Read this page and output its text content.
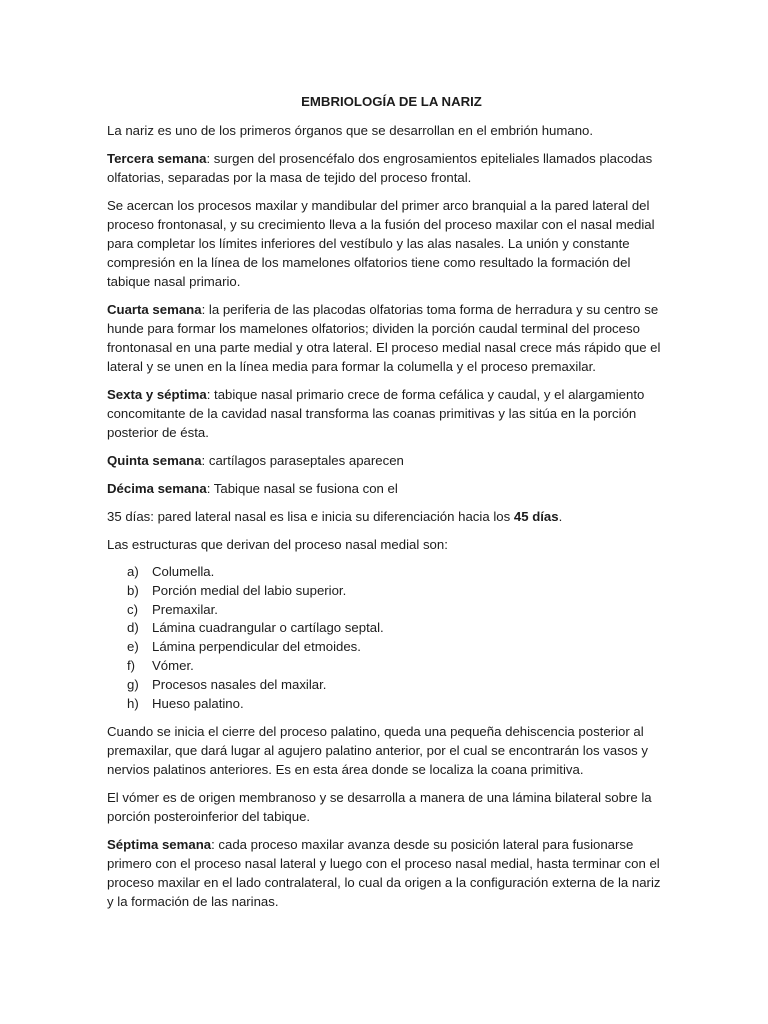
EMBRIOLOGÍA DE LA NARIZ

La nariz es uno de los primeros órganos que se desarrollan en el embrión humano.

Tercera semana: surgen del prosencéfalo dos engrosamientos epiteliales llamados placodas olfatorias, separadas por la masa de tejido del proceso frontal.

Se acercan los procesos maxilar y mandibular del primer arco branquial a la pared lateral del proceso frontonasal, y su crecimiento lleva a la fusión del proceso maxilar con el nasal medial para completar los límites inferiores del vestíbulo y las alas nasales. La unión y constante compresión en la línea de los mamelones olfatorios tiene como resultado la formación del tabique nasal primario.

Cuarta semana: la periferia de las placodas olfatorias toma forma de herradura y su centro se hunde para formar los mamelones olfatorios; dividen la porción caudal terminal del proceso frontonasal en una parte medial y otra lateral. El proceso medial nasal crece más rápido que el lateral y se unen en la línea media para formar la columella y el proceso premaxilar.

Sexta y séptima: tabique nasal primario crece de forma cefálica y caudal, y el alargamiento concomitante de la cavidad nasal transforma las coanas primitivas y las sitúa en la porción posterior de ésta.

Quinta semana: cartílagos paraseptales aparecen

Décima semana: Tabique nasal se fusiona con el

35 días: pared lateral nasal es lisa e inicia su diferenciación hacia los 45 días.

Las estructuras que derivan del proceso nasal medial son:

a)	Columella.
b)	Porción medial del labio superior.
c)	Premaxilar.
d)	Lámina cuadrangular o cartílago septal.
e)	Lámina perpendicular del etmoides.
f)	Vómer.
g)	Procesos nasales del maxilar.
h)	Hueso palatino.

Cuando se inicia el cierre del proceso palatino, queda una pequeña dehiscencia posterior al premaxilar, que dará lugar al agujero palatino anterior, por el cual se encontrarán los vasos y nervios palatinos anteriores. Es en esta área donde se localiza la coana primitiva.

El vómer es de origen membranoso y se desarrolla a manera de una lámina bilateral sobre la porción posteroinferior del tabique.

Séptima semana: cada proceso maxilar avanza desde su posición lateral para fusionarse primero con el proceso nasal lateral y luego con el proceso nasal medial, hasta terminar con el proceso maxilar en el lado contralateral, lo cual da origen a la configuración externa de la nariz y la formación de las narinas.
